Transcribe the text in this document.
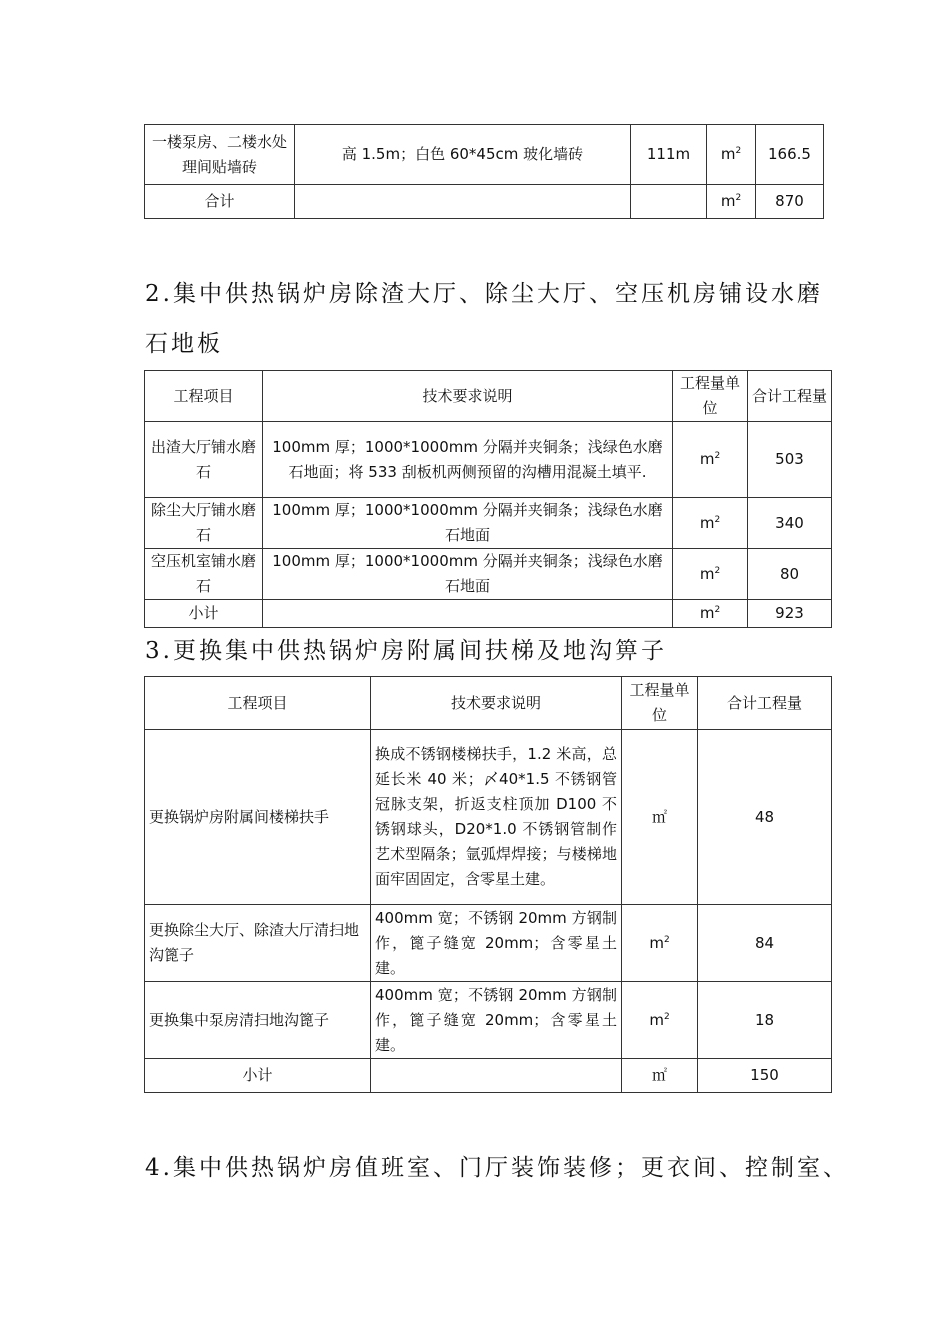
一楼泵房、二楼水处理间贴墙砖	高 1.5m；白色 60*45cm 玻化墙砖	111m	$m^2$	166.5
合计			$m^2$	870
2.集中供热锅炉房除渣大厅、除尘大厅、空压机房铺设水磨
石地板
工程项目	技术要求说明	工程量单位	合计工程量
出渣大厅铺水磨石	100mm 厚；1000*1000mm 分隔并夹铜条；浅绿色水磨石地面；将 533 刮板机两侧预留的沟槽用混凝土填平.	$m^2$	503
除尘大厅铺水磨石	100mm 厚；1000*1000mm 分隔并夹铜条；浅绿色水磨石地面	$m^2$	340
空压机室铺水磨石	100mm 厚；1000*1000mm 分隔并夹铜条；浅绿色水磨石地面	$m^2$	80
小计		$m^2$	923
3.更换集中供热锅炉房附属间扶梯及地沟箅子
工程项目	技术要求说明	工程量单位	合计工程量
更换锅炉房附属间楼梯扶手	换成不锈钢楼梯扶手，1.2 米高，总延长米 40 米；〆40*1.5 不锈钢管冠脉支架，折返支柱顶加 D100 不锈钢球头，D20*1.0 不锈钢管制作艺术型隔条；氩弧焊焊接；与楼梯地面牢固固定，含零星土建。	㎡	48
更换除尘大厅、除渣大厅清扫地沟篦子	400mm 宽；不锈钢 20mm 方钢制作，篦子缝宽 20mm；含零星土建。	$m^2$	84
更换集中泵房清扫地沟篦子	400mm 宽；不锈钢 20mm 方钢制作，篦子缝宽 20mm；含零星土建。	$m^2$	18
小计		㎡	150
4.集中供热锅炉房值班室、门厅装饰装修；更衣间、控制室、
